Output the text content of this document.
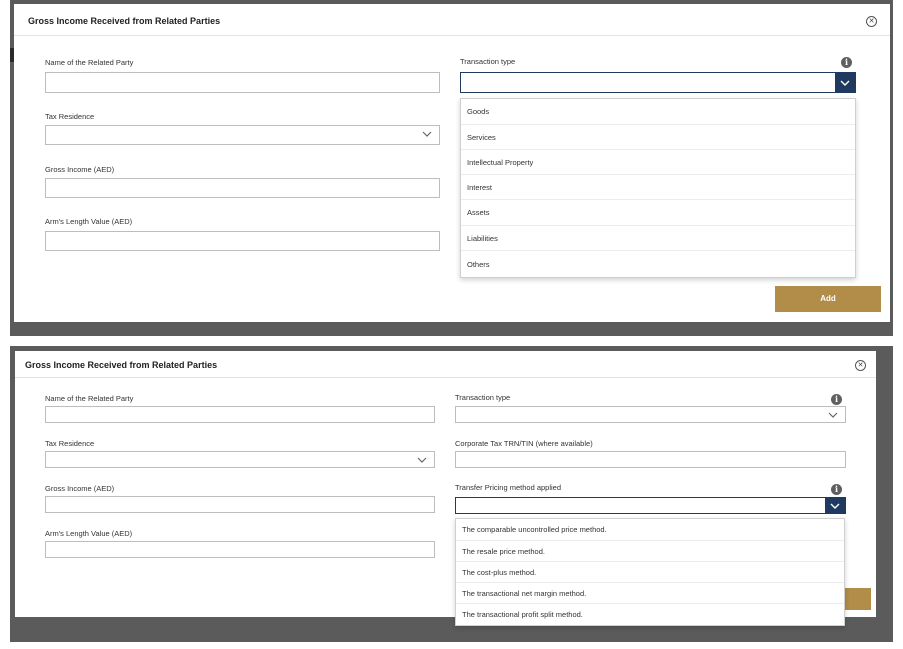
Gross Income Received from Related Parties	✕
Name of the Related Party
Tax Residence
Gross Income (AED)
Arm's Length Value (AED)
Transaction type	i
Goods
Services
Intellectual Property
Interest
Assets
Liabilities
Others
Add
Gross Income Received from Related Parties	✕
Name of the Related Party
Tax Residence
Gross Income (AED)
Arm's Length Value (AED)
Transaction type	i
Corporate Tax TRN/TIN (where available)
Transfer Pricing method applied	i
The comparable uncontrolled price method.
The resale price method.
The cost-plus method.
The transactional net margin method.
The transactional profit split method.
